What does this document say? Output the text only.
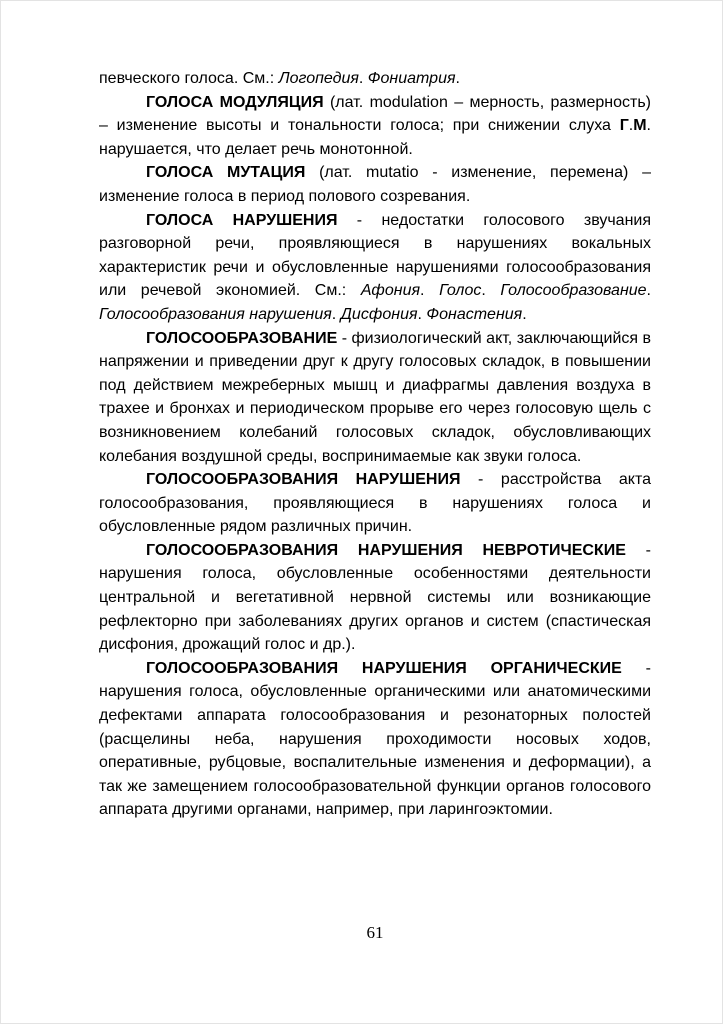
певческого голоса. См.: Логопедия. Фониатрия.

ГОЛОСА МОДУЛЯЦИЯ (лат. modulation – мерность, размерность) – изменение высоты и тональности голоса; при снижении слуха Г.М. нарушается, что делает речь монотонной.

ГОЛОСА МУТАЦИЯ (лат. mutatio - изменение, перемена) – изменение голоса в период полового созревания.

ГОЛОСА НАРУШЕНИЯ - недостатки голосового звучания разговорной речи, проявляющиеся в нарушениях вокальных характеристик речи и обусловленные нарушениями голосообразования или речевой экономией. См.: Афония. Голос. Голосообразование. Голосообразования нарушения. Дисфония. Фонастения.

ГОЛОСООБРАЗОВАНИЕ - физиологический акт, заключающийся в напряжении и приведении друг к другу голосовых складок, в повышении под действием межреберных мышц и диафрагмы давления воздуха в трахее и бронхах и периодическом прорыве его через голосовую щель с возникновением колебаний голосовых складок, обусловливающих колебания воздушной среды, воспринимаемые как звуки голоса.

ГОЛОСООБРАЗОВАНИЯ НАРУШЕНИЯ - расстройства акта голосообразования, проявляющиеся в нарушениях голоса и обусловленные рядом различных причин.

ГОЛОСООБРАЗОВАНИЯ НАРУШЕНИЯ НЕВРОТИЧЕСКИЕ - нарушения голоса, обусловленные особенностями деятельности центральной и вегетативной нервной системы или возникающие рефлекторно при заболеваниях других органов и систем (спастическая дисфония, дрожащий голос и др.).

ГОЛОСООБРАЗОВАНИЯ НАРУШЕНИЯ ОРГАНИЧЕСКИЕ - нарушения голоса, обусловленные органическими или анатомическими дефектами аппарата голосообразования и резонаторных полостей (расщелины неба, нарушения проходимости носовых ходов, оперативные, рубцовые, воспалительные изменения и деформации), а так же замещением голосообразовательной функции органов голосового аппарата другими органами, например, при ларингоэктомии.

61
